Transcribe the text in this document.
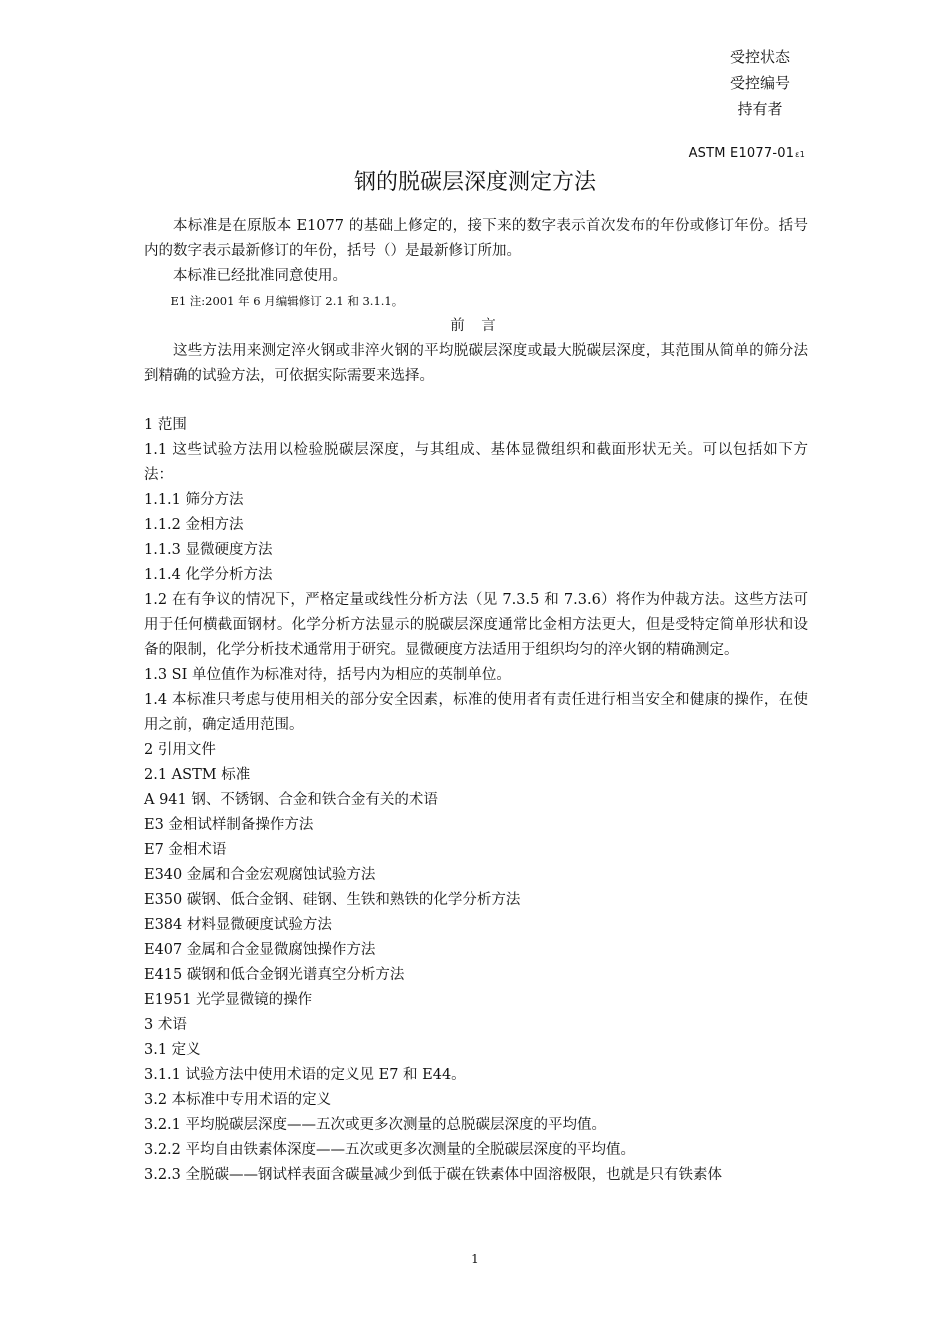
受控状态
受控编号
持有者
ASTM E1077-01ε1
钢的脱碳层深度测定方法

本标准是在原版本 E1077 的基础上修定的，接下来的数字表示首次发布的年份或修订年份。括号内的数字表示最新修订的年份，括号（）是最新修订所加。

本标准已经批准同意使用。

E1 注:2001 年 6 月编辑修订 2.1 和 3.1.1。

前 言

这些方法用来测定淬火钢或非淬火钢的平均脱碳层深度或最大脱碳层深度，其范围从简单的筛分法到精确的试验方法，可依据实际需要来选择。

1 范围

1.1 这些试验方法用以检验脱碳层深度，与其组成、基体显微组织和截面形状无关。可以包括如下方法：

1.1.1 筛分方法

1.1.2 金相方法

1.1.3 显微硬度方法

1.1.4 化学分析方法

1.2 在有争议的情况下，严格定量或线性分析方法（见 7.3.5 和 7.3.6）将作为仲裁方法。这些方法可用于任何横截面钢材。化学分析方法显示的脱碳层深度通常比金相方法更大，但是受特定简单形状和设备的限制，化学分析技术通常用于研究。显微硬度方法适用于组织均匀的淬火钢的精确测定。

1.3 SI 单位值作为标准对待，括号内为相应的英制单位。

1.4 本标准只考虑与使用相关的部分安全因素，标准的使用者有责任进行相当安全和健康的操作，在使用之前，确定适用范围。

2 引用文件

2.1 ASTM 标准

A 941 钢、不锈钢、合金和铁合金有关的术语

E3 金相试样制备操作方法

E7 金相术语

E340 金属和合金宏观腐蚀试验方法

E350 碳钢、低合金钢、硅钢、生铁和熟铁的化学分析方法

E384 材料显微硬度试验方法

E407 金属和合金显微腐蚀操作方法

E415 碳钢和低合金钢光谱真空分析方法

E1951 光学显微镜的操作

3 术语

3.1 定义

3.1.1 试验方法中使用术语的定义见 E7 和 E44。

3.2 本标准中专用术语的定义

3.2.1 平均脱碳层深度——五次或更多次测量的总脱碳层深度的平均值。

3.2.2 平均自由铁素体深度——五次或更多次测量的全脱碳层深度的平均值。

3.2.3 全脱碳——钢试样表面含碳量减少到低于碳在铁素体中固溶极限，也就是只有铁素体

1
